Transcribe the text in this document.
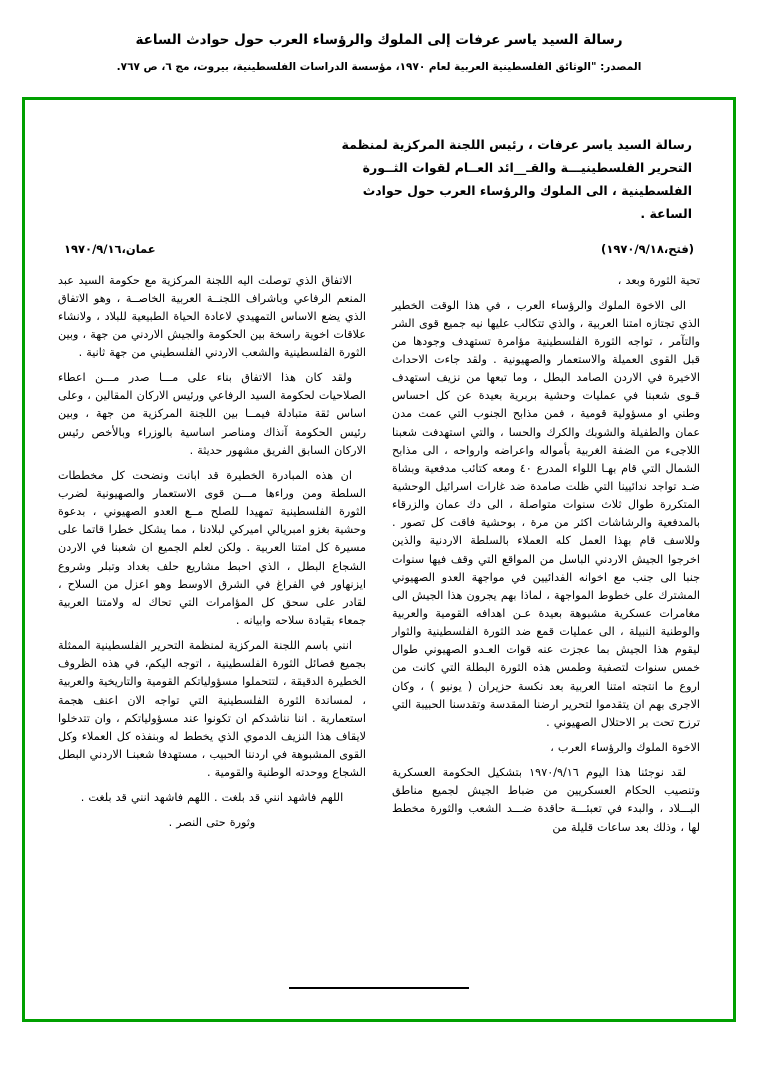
رسالة السيد ياسر عرفات إلى الملوك والرؤساء العرب حول حوادث الساعة
المصدر: "الوثائق الفلسطينية العربية لعام ١٩٧٠، مؤسسة الدراسات الفلسطينية، بيروت، مج ٦، ص ٧٦٧.
رسالة السيد ياسر عرفات ، رئيس اللجنة المركزية لمنظمة
التحرير الفلسطينيـــة والقـ__ائد العــام لقوات الثــورة
الفلسطينية ، الى الملوك والرؤساء العرب حول حوادث
الساعة .
(فتح،١٩٧٠/٩/١٨)
عمان،١٩٧٠/٩/١٦

تحية الثورة وبعد ،

الى الاخوة الملوك والرؤساء العرب ، في هذا الوقت الخطير الذي تجتازه امتنا العربية ، والذي تتكالب عليها نيه جميع قوى الشر والتآمر ، تواجه الثورة الفلسطينية مؤامرة تستهدف وجودها من قبل القوى العميلة والاستعمار والصهيونية . ولقد جاءت الاحداث الاخيرة في الاردن الصامد البطل ، وما تبعها من نزيف استهدف قـوى شعبنا في عمليات وحشية بربرية بعيدة عن كل احساس وطني او مسؤولية قومية ، فمن مذابح الجنوب التي عمت مدن عمان والطفيلة والشوبك والكرك والحسا ، والتي استهدفت شعبنا اللاجىء من الضفة الغربية بأمواله واعراضه وارواحه ، الى مذابح الشمال التي قام بهـا اللواء المدرع ٤٠ ومعه كتائب مدفعية وبشاة ضـد تواجد ندائيينا التي ظلت صامدة ضد غارات اسرائيل الوحشية المتكررة طوال ثلاث سنوات متواصلة ، الى دك عمان والزرقاء بالمدفعية والرشاشات اكثر من مرة ، بوحشية فاقت كل تصور . وللاسف قام بهذا العمل كله العملاء بالسلطة الاردنية والذين اخرجوا الجيش الاردني الباسل من المواقع التي وقف فيها سنوات جنبا الى جنب مع اخوانه الفدائيين في مواجهة العدو الصهيوني المشترك على خطوط المواجهة ، لماذا بهم يجرون هذا الجيش الى مغامرات عسكرية مشبوهة بعيدة عـن اهدافه القومية والعربية والوطنية النبيلة ، الى عمليات قمع ضد الثورة الفلسطينية والثوار ليقوم هذا الجيش بما عجزت عنه قوات العـدو الصهيوني طوال خمس سنوات لتصفية وطمس هذه الثورة البطلة التي كانت من اروع ما انتجته امتنا العربية بعد نكسة حزيران ( يونيو ) ، وكان الاجرى بهم ان يتقدموا لتحرير ارضنا المقدسة وتقدسنا الحبيبة التي ترزح تحت بر الاحتلال الصهيوني .

الاخوة الملوك والرؤساء العرب ،

لقد نوجئنا هذا اليوم ١٩٧٠/٩/١٦ بتشكيل الحكومة العسكرية وتنصيب الحكام العسكريين من ضباط الجيش لجميع مناطق البـــلاد ، والبدء في تعبئـــة حاقدة ضـــد الشعب والثورة مخطط لها ، وذلك بعد ساعات قليلة من

الاتفاق الذي توصلت اليه اللجنة المركزية مع حكومة السيد عبد المنعم الرفاعي وباشراف اللجنــة العربية الخاصــة ، وهو الاتفاق الذي يضع الاساس التمهيدي لاعادة الحياة الطبيعية للبلاد ، ولانشاء علاقات اخوية راسخة بين الحكومة والجيش الاردني من جهة ، وبين الثورة الفلسطينية والشعب الاردني الفلسطيني من جهة ثانية .

ولقد كان هذا الاتفاق بناء على مـــا صدر مـــن اعطاء الصلاحيات لحكومة السيد الرفاعي ورئيس الاركان المقالين ، وعلى اساس ثقة متبادلة فيمــا بين اللجنة المركزية من جهة ، وبين رئيس الحكومة آنذاك ومناصر اساسية بالوزراء وبالأخص رئيس الاركان السابق الفريق مشهور حديثة .

ان هذه المبادرة الخطيرة قد ابانت ونضحت كل مخططات السلطة ومن وراءها مـــن قوى الاستعمار والصهيونية لضرب الثورة الفلسطينية تمهيدا للصلح مــع العدو الصهيوني ، بدعوة وحشية بغزو امبريالي اميركي لبلادنا ، مما يشكل خطرا قاتما على مسيرة كل امتنا العربية . ولكن لعلم الجميع ان شعبنا في الاردن الشجاع البطل ، الذي احبط مشاريع حلف بغداد وتبلر وشروع ايزنهاور في الفراغ في الشرق الاوسط وهو اعزل من السلاح ، لقادر على سحق كل المؤامرات التي تحاك له ولامتنا العربية جمعاء بقيادة سلاحه وابيانه .

انني باسم اللجنة المركزية لمنظمة التحرير الفلسطينية الممثلة بجميع فصائل الثورة الفلسطينية ، اتوجه اليكم، في هذه الظروف الخطيرة الدقيقة ، لتتحملوا مسؤولياتكم القومية والتاريخية والعربية ، لمساندة الثورة الفلسطينية التي تواجه الان اعنف هجمة استعمارية . اننا نناشدكم ان تكونوا عند مسؤولياتكم ، وان تتدخلوا لايقاف هذا النزيف الدموي الذي يخطط له وبنفذه كل العملاء وكل القوى المشبوهة في اردننا الحبيب ، مستهدفا شعبنـا الاردني البطل الشجاع ووحدته الوطنية والقومية .

اللهم فاشهد انني قد بلغت . اللهم فاشهد انني قد بلغت .

وثورة حتى النصر .
